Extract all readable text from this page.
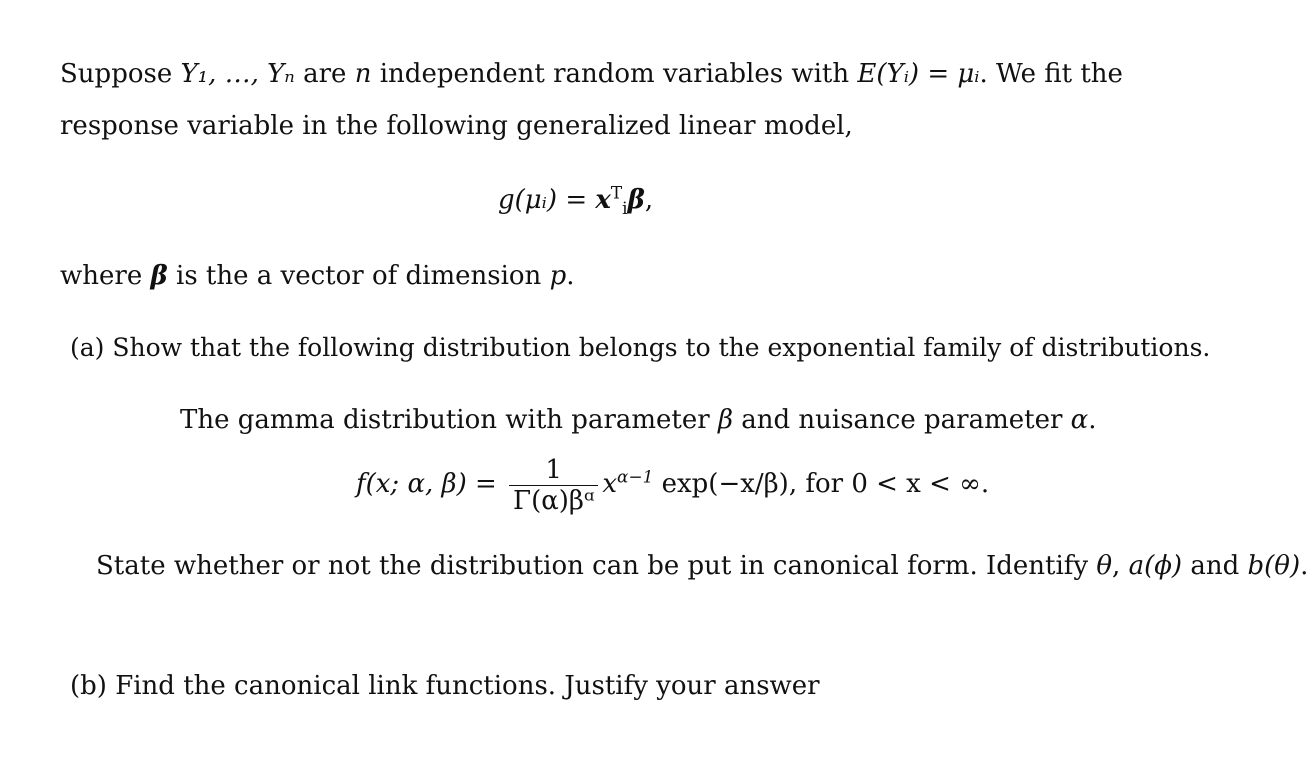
Suppose Y₁, …, Yₙ are n independent random variables with E(Yᵢ) = μᵢ. We fit the
response variable in the following generalized linear model,
g(μᵢ) = $x^T_i\beta$,
where β is the a vector of dimension p.
(a) Show that the following distribution belongs to the exponential family of distributions.
The gamma distribution with parameter β and nuisance parameter α.
f(x; α, $\beta) = \frac{1}{\text{Γ(α)βᵅ}} x^{\alpha-1}$ exp(−x/β), for 0 < x < ∞.
State whether or not the distribution can be put in canonical form. Identify θ, a(ϕ) and b(θ).
(b) Find the canonical link functions. Justify your answer
